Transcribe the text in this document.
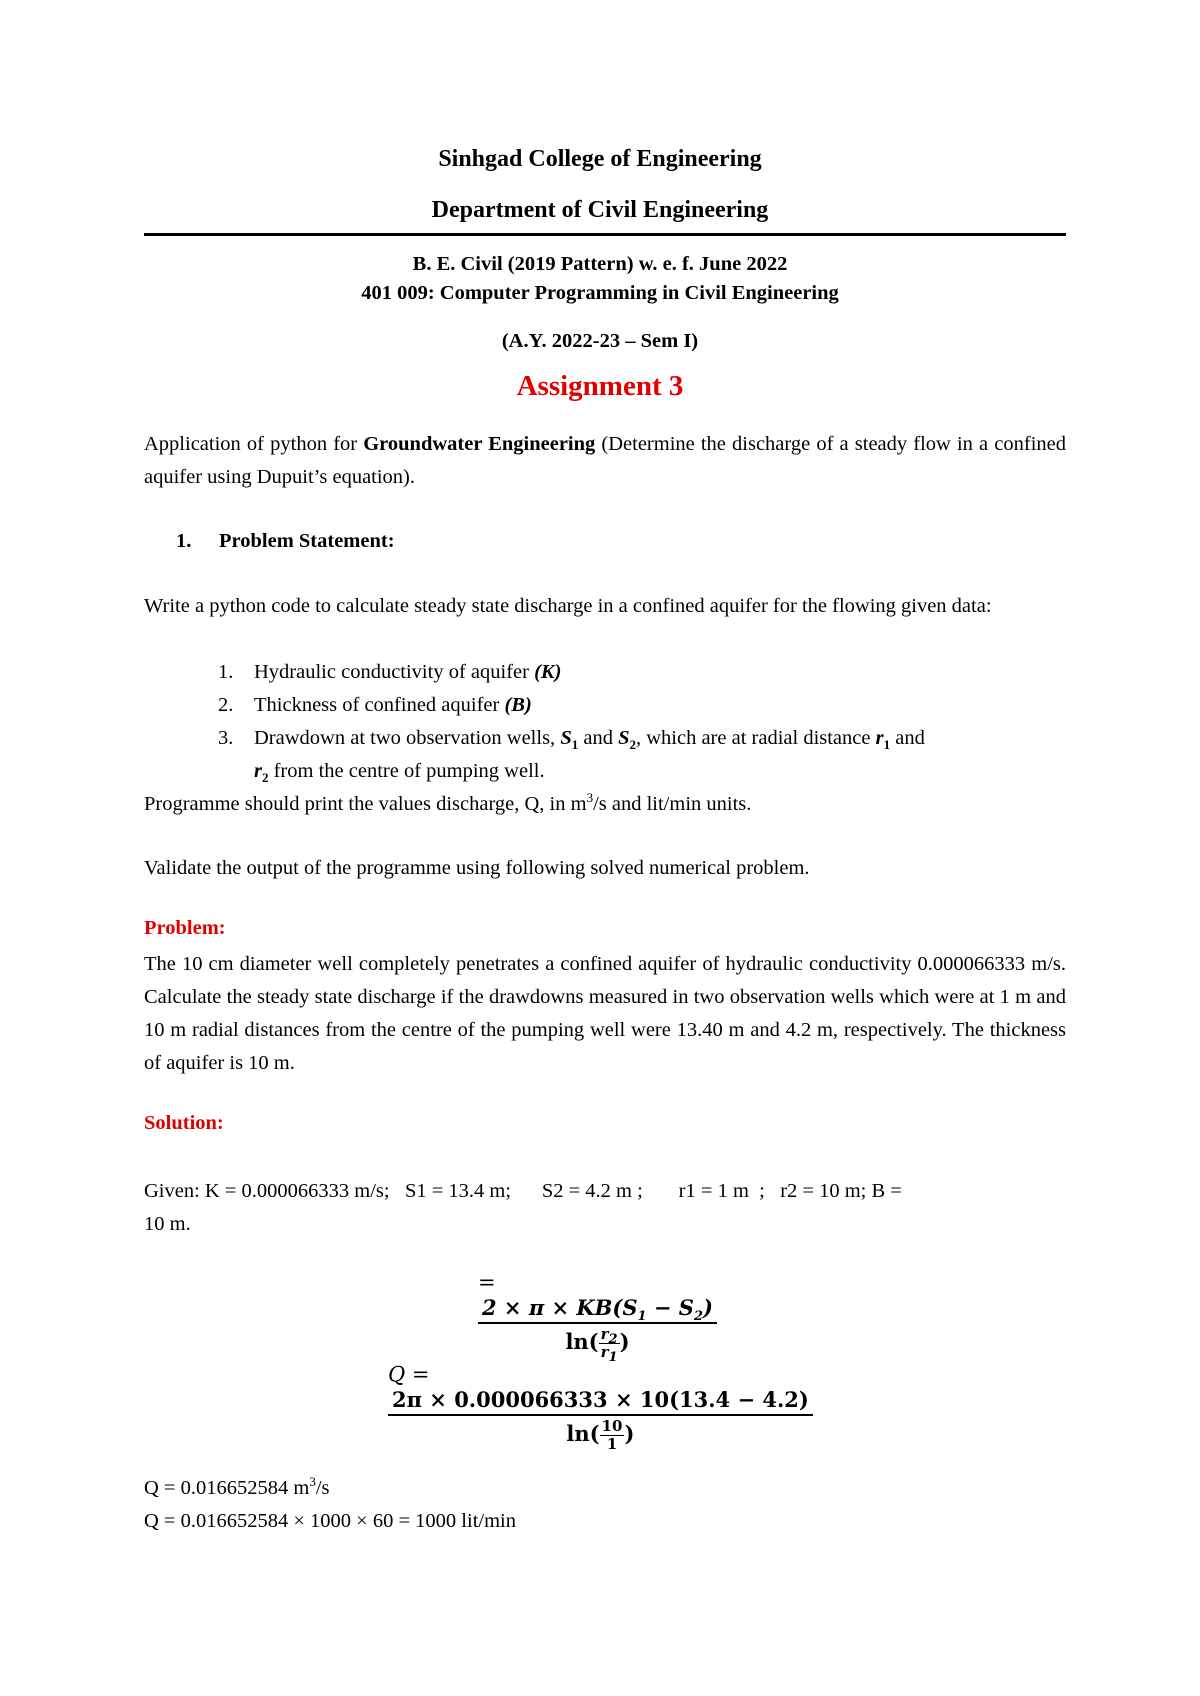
Sinhgad College of Engineering
Department of Civil Engineering
B. E. Civil (2019 Pattern) w. e. f. June 2022
401 009: Computer Programming in Civil Engineering
(A.Y. 2022-23 – Sem I)
Assignment 3
Application of python for Groundwater Engineering (Determine the discharge of a steady flow in a confined aquifer using Dupuit’s equation).
1. Problem Statement:
Write a python code to calculate steady state discharge in a confined aquifer for the flowing given data:
1. Hydraulic conductivity of aquifer (K)
2. Thickness of confined aquifer (B)
3. Drawdown at two observation wells, $S_1$ and $S_2$, which are at radial distance $r_1$ and
$r_2$ from the centre of pumping well.
Programme should print the values discharge, Q, in $m^3/s$ and lit/min units.
Validate the output of the programme using following solved numerical problem.
Problem:
The 10 cm diameter well completely penetrates a confined aquifer of hydraulic conductivity 0.000066333 m/s. Calculate the steady state discharge if the drawdowns measured in two observation wells which were at 1 m and 10 m radial distances from the centre of the pumping well were 13.40 m and 4.2 m, respectively. The thickness of aquifer is 10 m.
Solution:
Given: K = 0.000066333 m/s;   S1 = 13.4 m;      S2 = 4.2 m ;       r1 = 1 m  ;   r2 = 10 m; B =
10 m.
=
$\frac{2 \times \pi \times KB(S_1 - S_2)}{\ln( \frac{r_2}{r_1} )}$
Q =
$\frac{2\pi \times 0.000066333 \times 10(13.4 - 4.2)}{\ln( \frac{10}{1} )}$
Q = 0.016652584 $m^3/s$
Q = 0.016652584 × 1000 × 60 = 1000 lit/min
